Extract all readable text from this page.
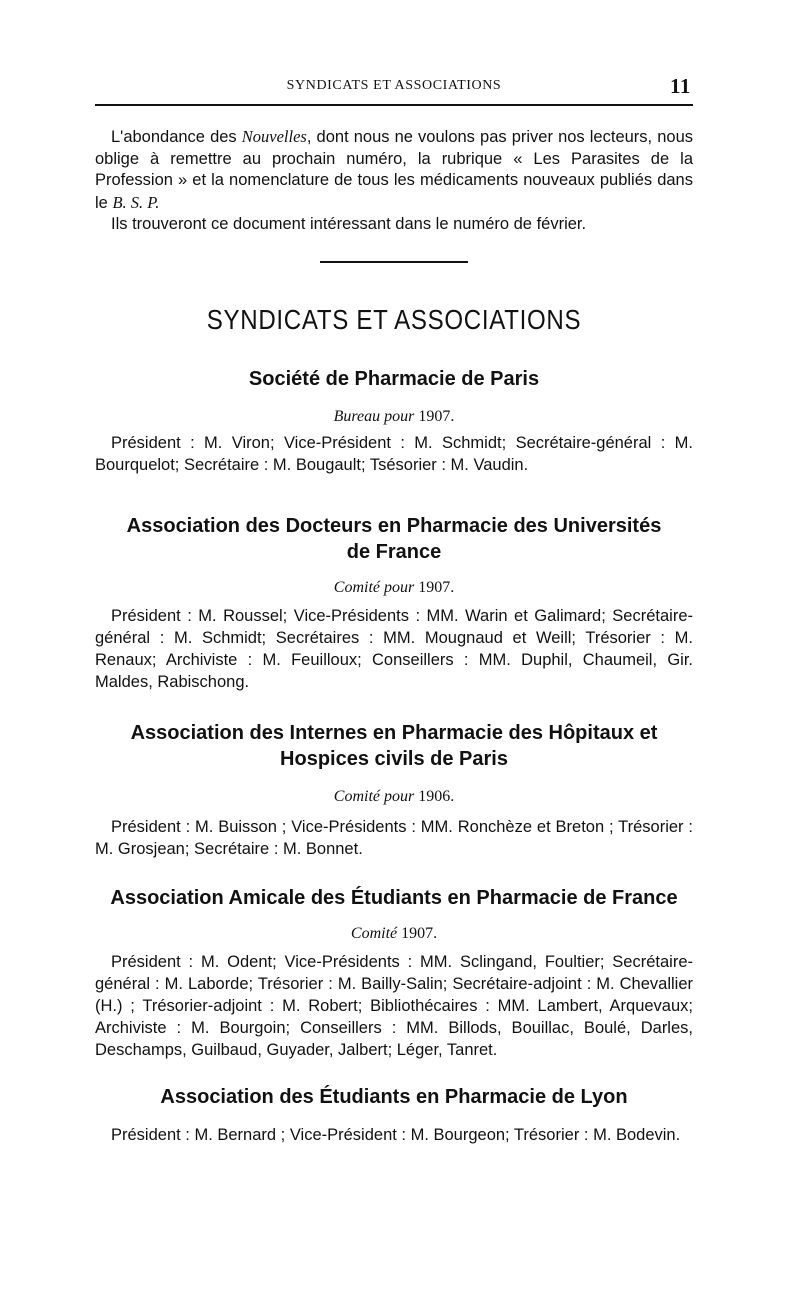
SYNDICATS ET ASSOCIATIONS	11

L'abondance des Nouvelles, dont nous ne voulons pas priver nos lecteurs, nous oblige à remettre au prochain numéro, la rubrique « Les Parasites de la Profession » et la nomenclature de tous les médicaments nouveaux publiés dans le B. S. P.

Ils trouveront ce document intéressant dans le numéro de février.

SYNDICATS ET ASSOCIATIONS
Société de Pharmacie de Paris
Bureau pour 1907.
Président : M. Viron; Vice-Président : M. Schmidt; Secrétaire-général : M. Bourquelot; Secrétaire : M. Bougault; Tsésorier : M. Vaudin.
Association des Docteurs en Pharmacie des Universités de France
Comité pour 1907.
Président : M. Roussel; Vice-Présidents : MM. Warin et Galimard; Secrétaire-général : M. Schmidt; Secrétaires : MM. Mougnaud et Weill; Trésorier : M. Renaux; Archiviste : M. Feuilloux; Conseillers : MM. Duphil, Chaumeil, Gir. Maldes, Rabischong.
Association des Internes en Pharmacie des Hôpitaux et Hospices civils de Paris
Comité pour 1906.
Président : M. Buisson ; Vice-Présidents : MM. Ronchèze et Breton ; Trésorier : M. Grosjean; Secrétaire : M. Bonnet.
Association Amicale des Étudiants en Pharmacie de France
Comité 1907.
Président : M. Odent; Vice-Présidents : MM. Sclingand, Foultier; Secrétaire-général : M. Laborde; Trésorier : M. Bailly-Salin; Secrétaire-adjoint : M. Chevallier (H.) ; Trésorier-adjoint : M. Robert; Bibliothécaires : MM. Lambert, Arquevaux; Archiviste : M. Bourgoin; Conseillers : MM. Billods, Bouillac, Boulé, Darles, Deschamps, Guilbaud, Guyader, Jalbert; Léger, Tanret.
Association des Étudiants en Pharmacie de Lyon
Président : M. Bernard ; Vice-Président : M. Bourgeon; Trésorier : M. Bodevin.
